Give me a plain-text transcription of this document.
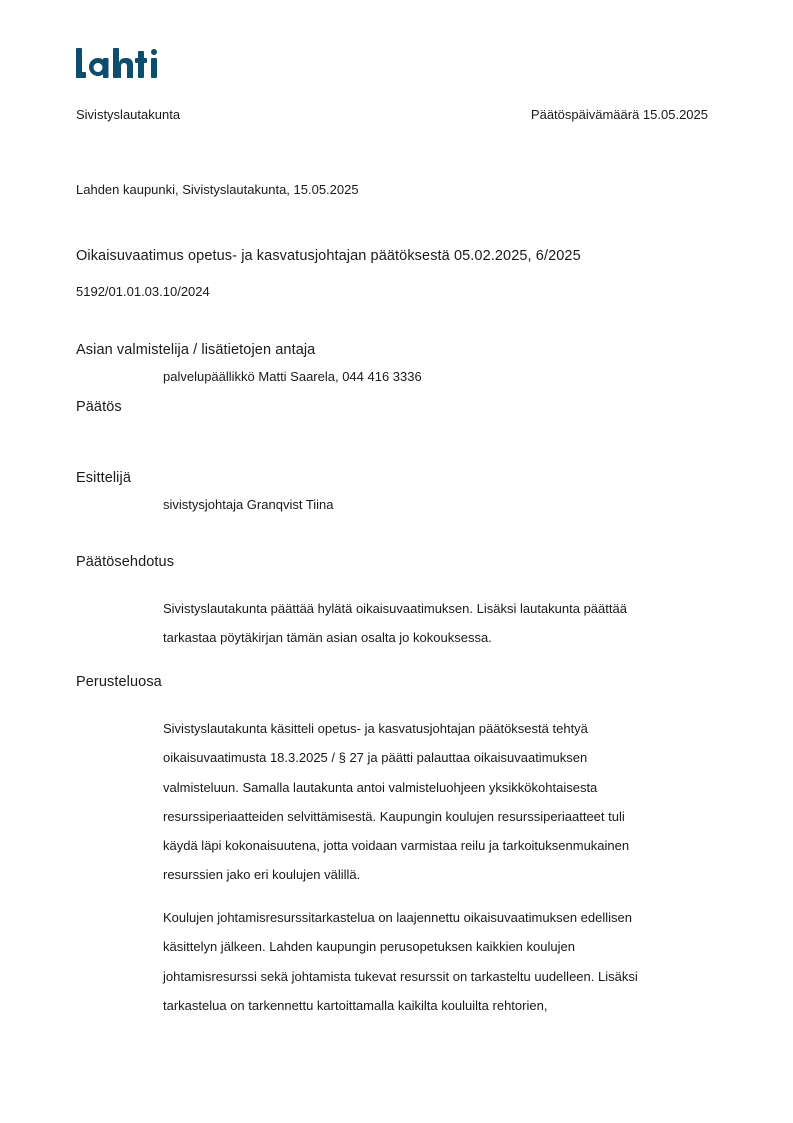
Sivistyslautakunta	Päätöspäivämäärä 15.05.2025
Lahden kaupunki, Sivistyslautakunta, 15.05.2025
Oikaisuvaatimus opetus- ja kasvatusjohtajan päätöksestä 05.02.2025, 6/2025
5192/01.01.03.10/2024
Asian valmistelija / lisätietojen antaja
palvelupäällikkö Matti Saarela, 044 416 3336
Päätös
Esittelijä
sivistysjohtaja Granqvist Tiina
Päätösehdotus
Sivistyslautakunta päättää hylätä oikaisuvaatimuksen. Lisäksi lautakunta päättää
tarkastaa pöytäkirjan tämän asian osalta jo kokouksessa.
Perusteluosa
Sivistyslautakunta käsitteli opetus- ja kasvatusjohtajan päätöksestä tehtyä
oikaisuvaatimusta 18.3.2025 / § 27 ja päätti palauttaa oikaisuvaatimuksen
valmisteluun. Samalla lautakunta antoi valmisteluohjeen yksikkökohtaisesta
resurssiperiaatteiden selvittämisestä. Kaupungin koulujen resurssiperiaatteet tuli
käydä läpi kokonaisuutena, jotta voidaan varmistaa reilu ja tarkoituksenmukainen
resurssien jako eri koulujen välillä.
Koulujen johtamisresurssitarkastelua on laajennettu oikaisuvaatimuksen edellisen
käsittelyn jälkeen. Lahden kaupungin perusopetuksen kaikkien koulujen
johtamisresurssi sekä johtamista tukevat resurssit on tarkasteltu uudelleen. Lisäksi
tarkastelua on tarkennettu kartoittamalla kaikilta kouluilta rehtorien,
